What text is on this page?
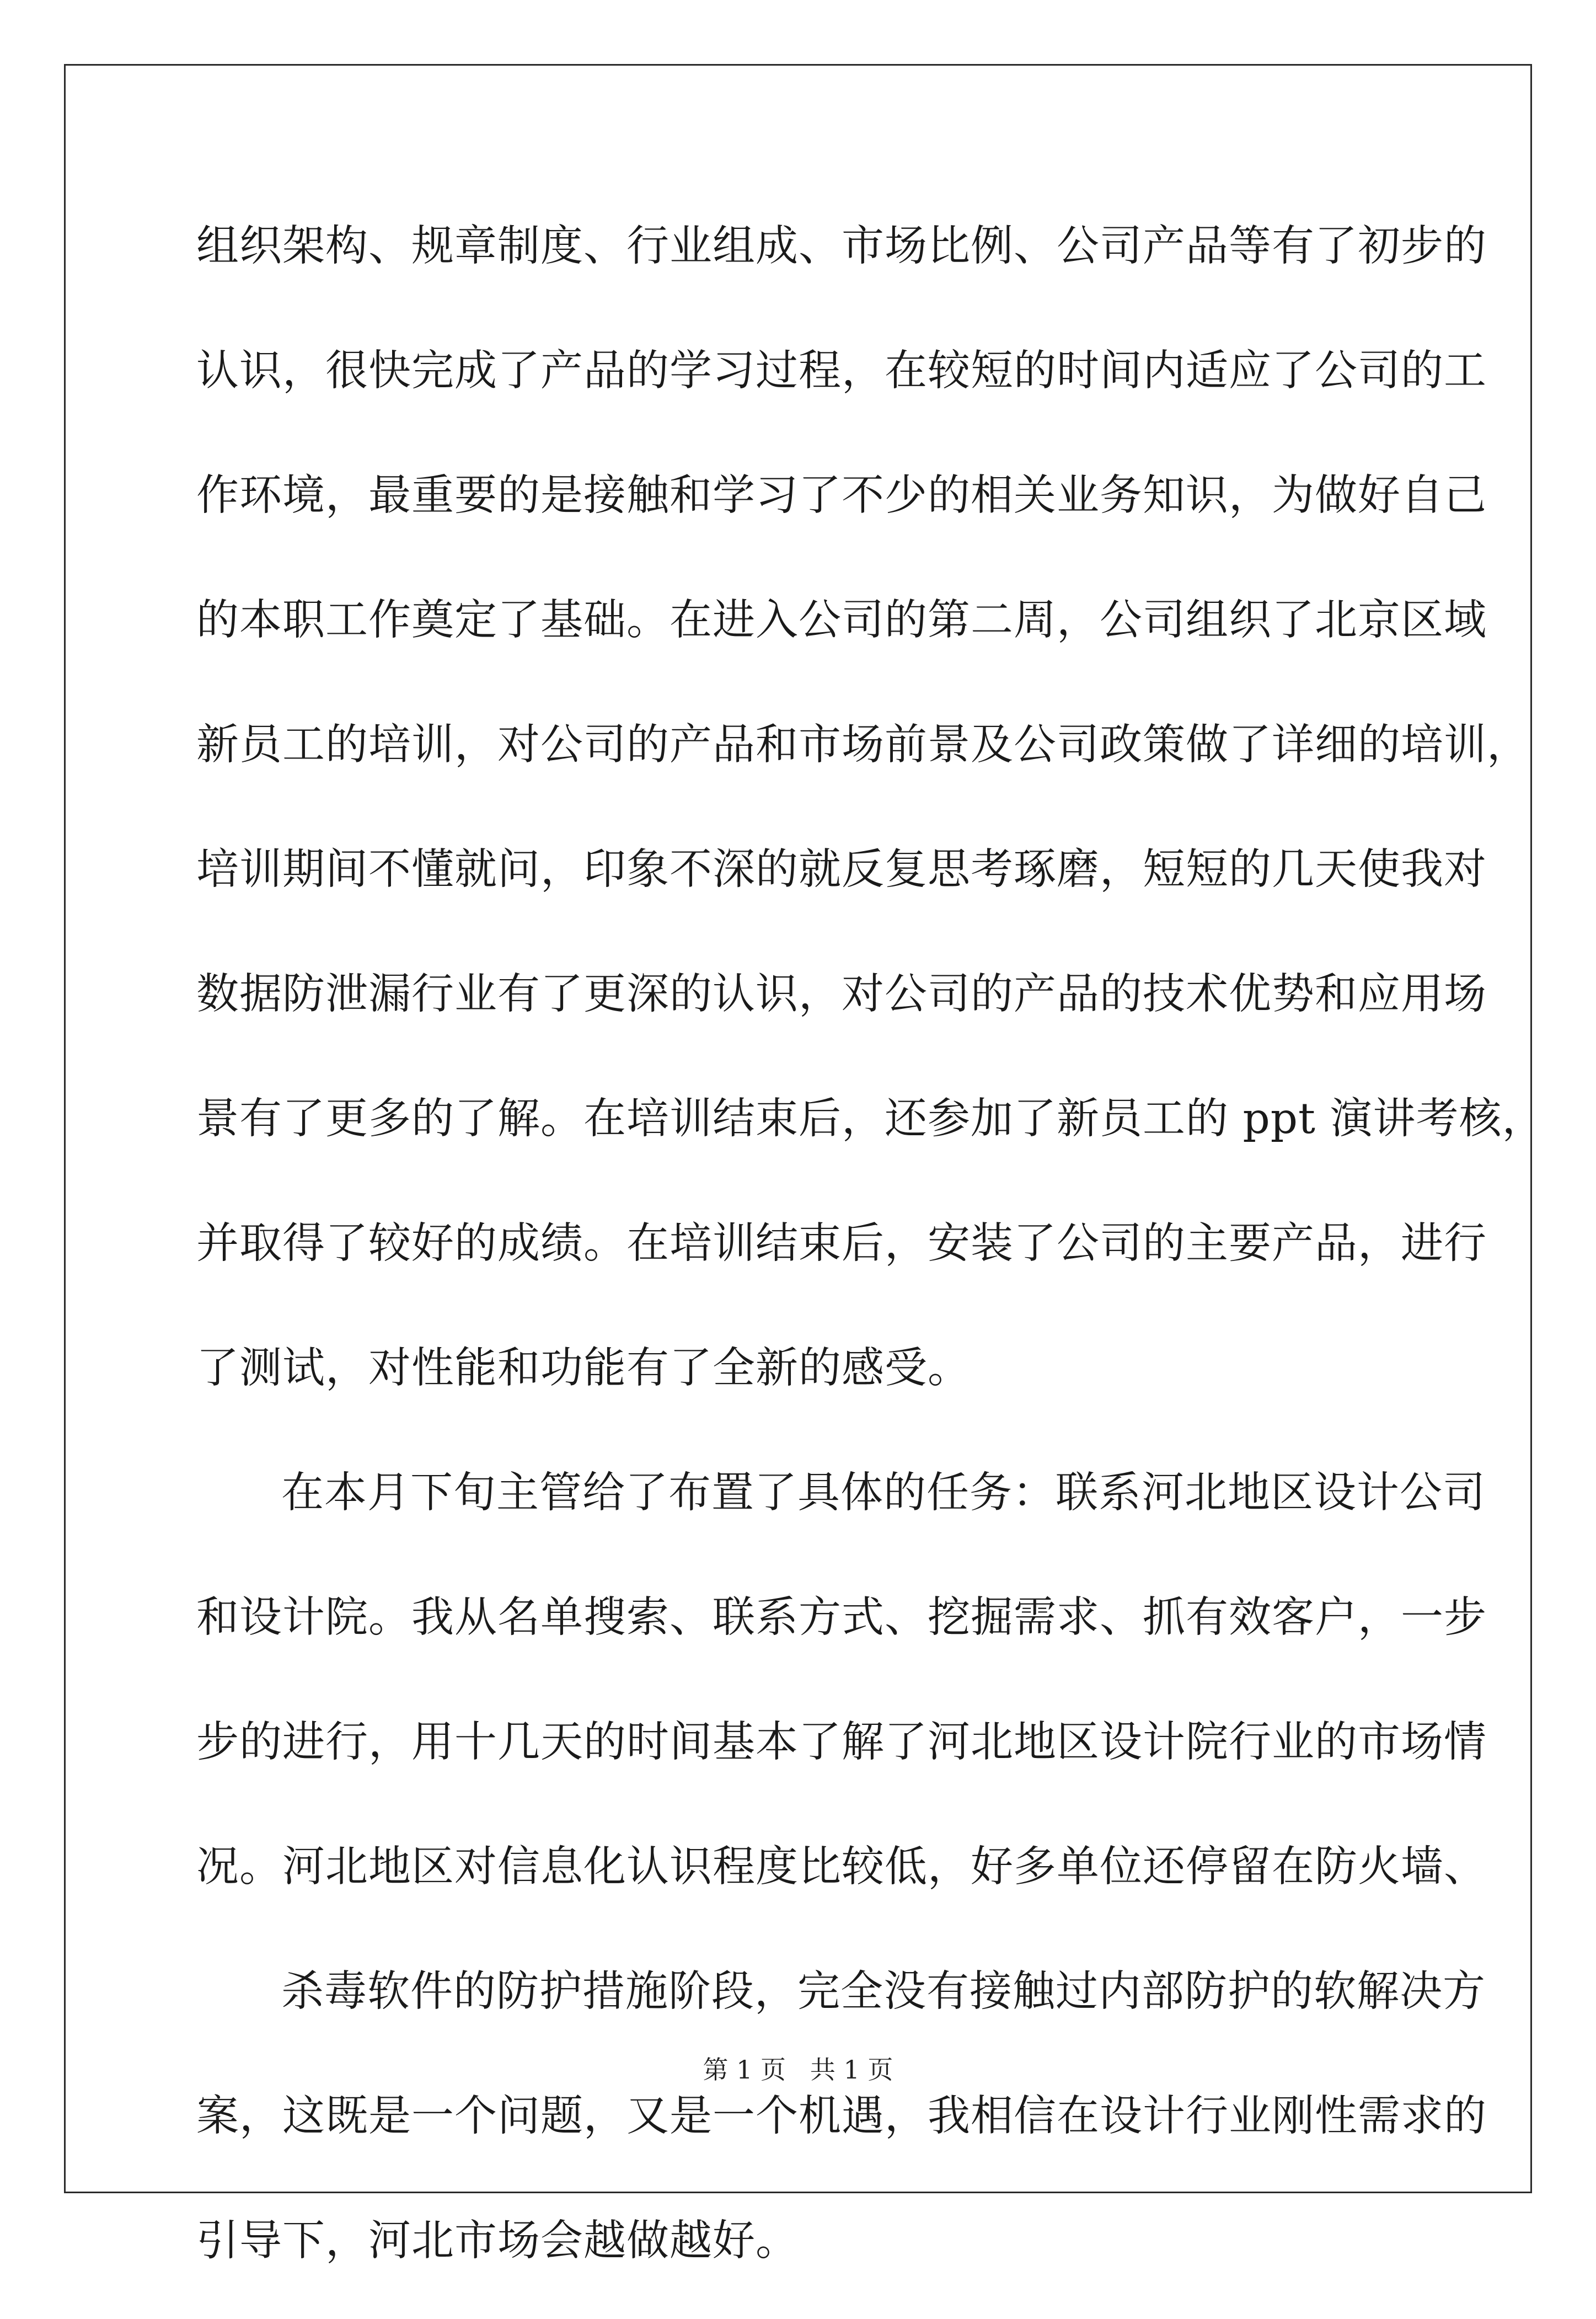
组织架构、规章制度、行业组成、市场比例、公司产品等有了初步的
认识，很快完成了产品的学习过程，在较短的时间内适应了公司的工
作环境，最重要的是接触和学习了不少的相关业务知识，为做好自己
的本职工作奠定了基础。在进入公司的第二周，公司组织了北京区域
新员工的培训，对公司的产品和市场前景及公司政策做了详细的培训，
培训期间不懂就问，印象不深的就反复思考琢磨，短短的几天使我对
数据防泄漏行业有了更深的认识，对公司的产品的技术优势和应用场
景有了更多的了解。在培训结束后，还参加了新员工的 ppt 演讲考核，
并取得了较好的成绩。在培训结束后，安装了公司的主要产品，进行
了测试，对性能和功能有了全新的感受。
在本月下旬主管给了布置了具体的任务：联系河北地区设计公司
和设计院。我从名单搜索、联系方式、挖掘需求、抓有效客户，一步
步的进行，用十几天的时间基本了解了河北地区设计院行业的市场情
况。河北地区对信息化认识程度比较低，好多单位还停留在防火墙、
杀毒软件的防护措施阶段，完全没有接触过内部防护的软解决方
案，这既是一个问题，又是一个机遇，我相信在设计行业刚性需求的
引导下，河北市场会越做越好。
第 1 页   共 1 页
